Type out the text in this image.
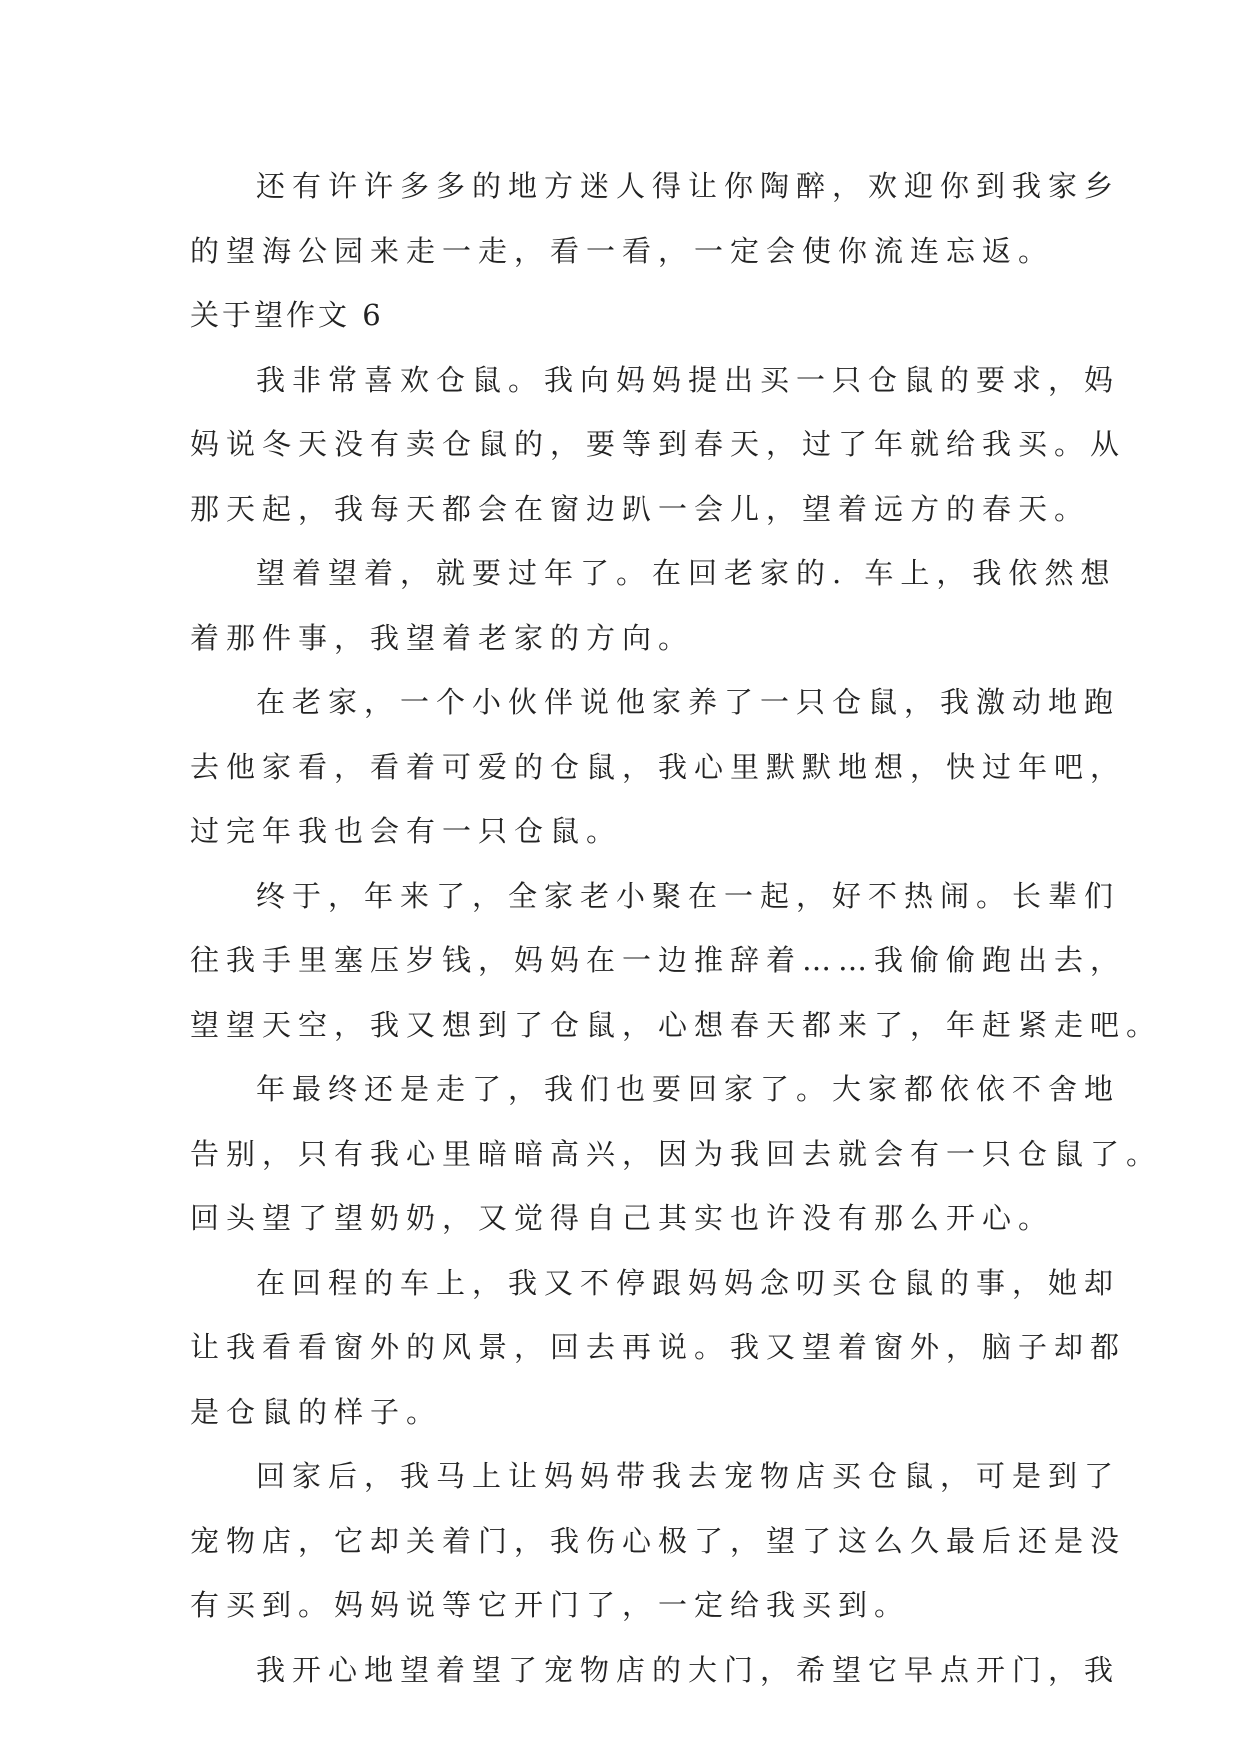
还有许许多多的地方迷人得让你陶醉，欢迎你到我家乡
的望海公园来走一走，看一看，一定会使你流连忘返。
关于望作文 6
我非常喜欢仓鼠。我向妈妈提出买一只仓鼠的要求，妈
妈说冬天没有卖仓鼠的，要等到春天，过了年就给我买。从
那天起，我每天都会在窗边趴一会儿，望着远方的春天。
望着望着，就要过年了。在回老家的. 车上，我依然想
着那件事，我望着老家的方向。
在老家，一个小伙伴说他家养了一只仓鼠，我激动地跑
去他家看，看着可爱的仓鼠，我心里默默地想，快过年吧，
过完年我也会有一只仓鼠。
终于，年来了，全家老小聚在一起，好不热闹。长辈们
往我手里塞压岁钱，妈妈在一边推辞着……我偷偷跑出去，
望望天空，我又想到了仓鼠，心想春天都来了，年赶紧走吧。
年最终还是走了，我们也要回家了。大家都依依不舍地
告别，只有我心里暗暗高兴，因为我回去就会有一只仓鼠了。
回头望了望奶奶，又觉得自己其实也许没有那么开心。
在回程的车上，我又不停跟妈妈念叨买仓鼠的事，她却
让我看看窗外的风景，回去再说。我又望着窗外，脑子却都
是仓鼠的样子。
回家后，我马上让妈妈带我去宠物店买仓鼠，可是到了
宠物店，它却关着门，我伤心极了，望了这么久最后还是没
有买到。妈妈说等它开门了，一定给我买到。
我开心地望着望了宠物店的大门，希望它早点开门，我
